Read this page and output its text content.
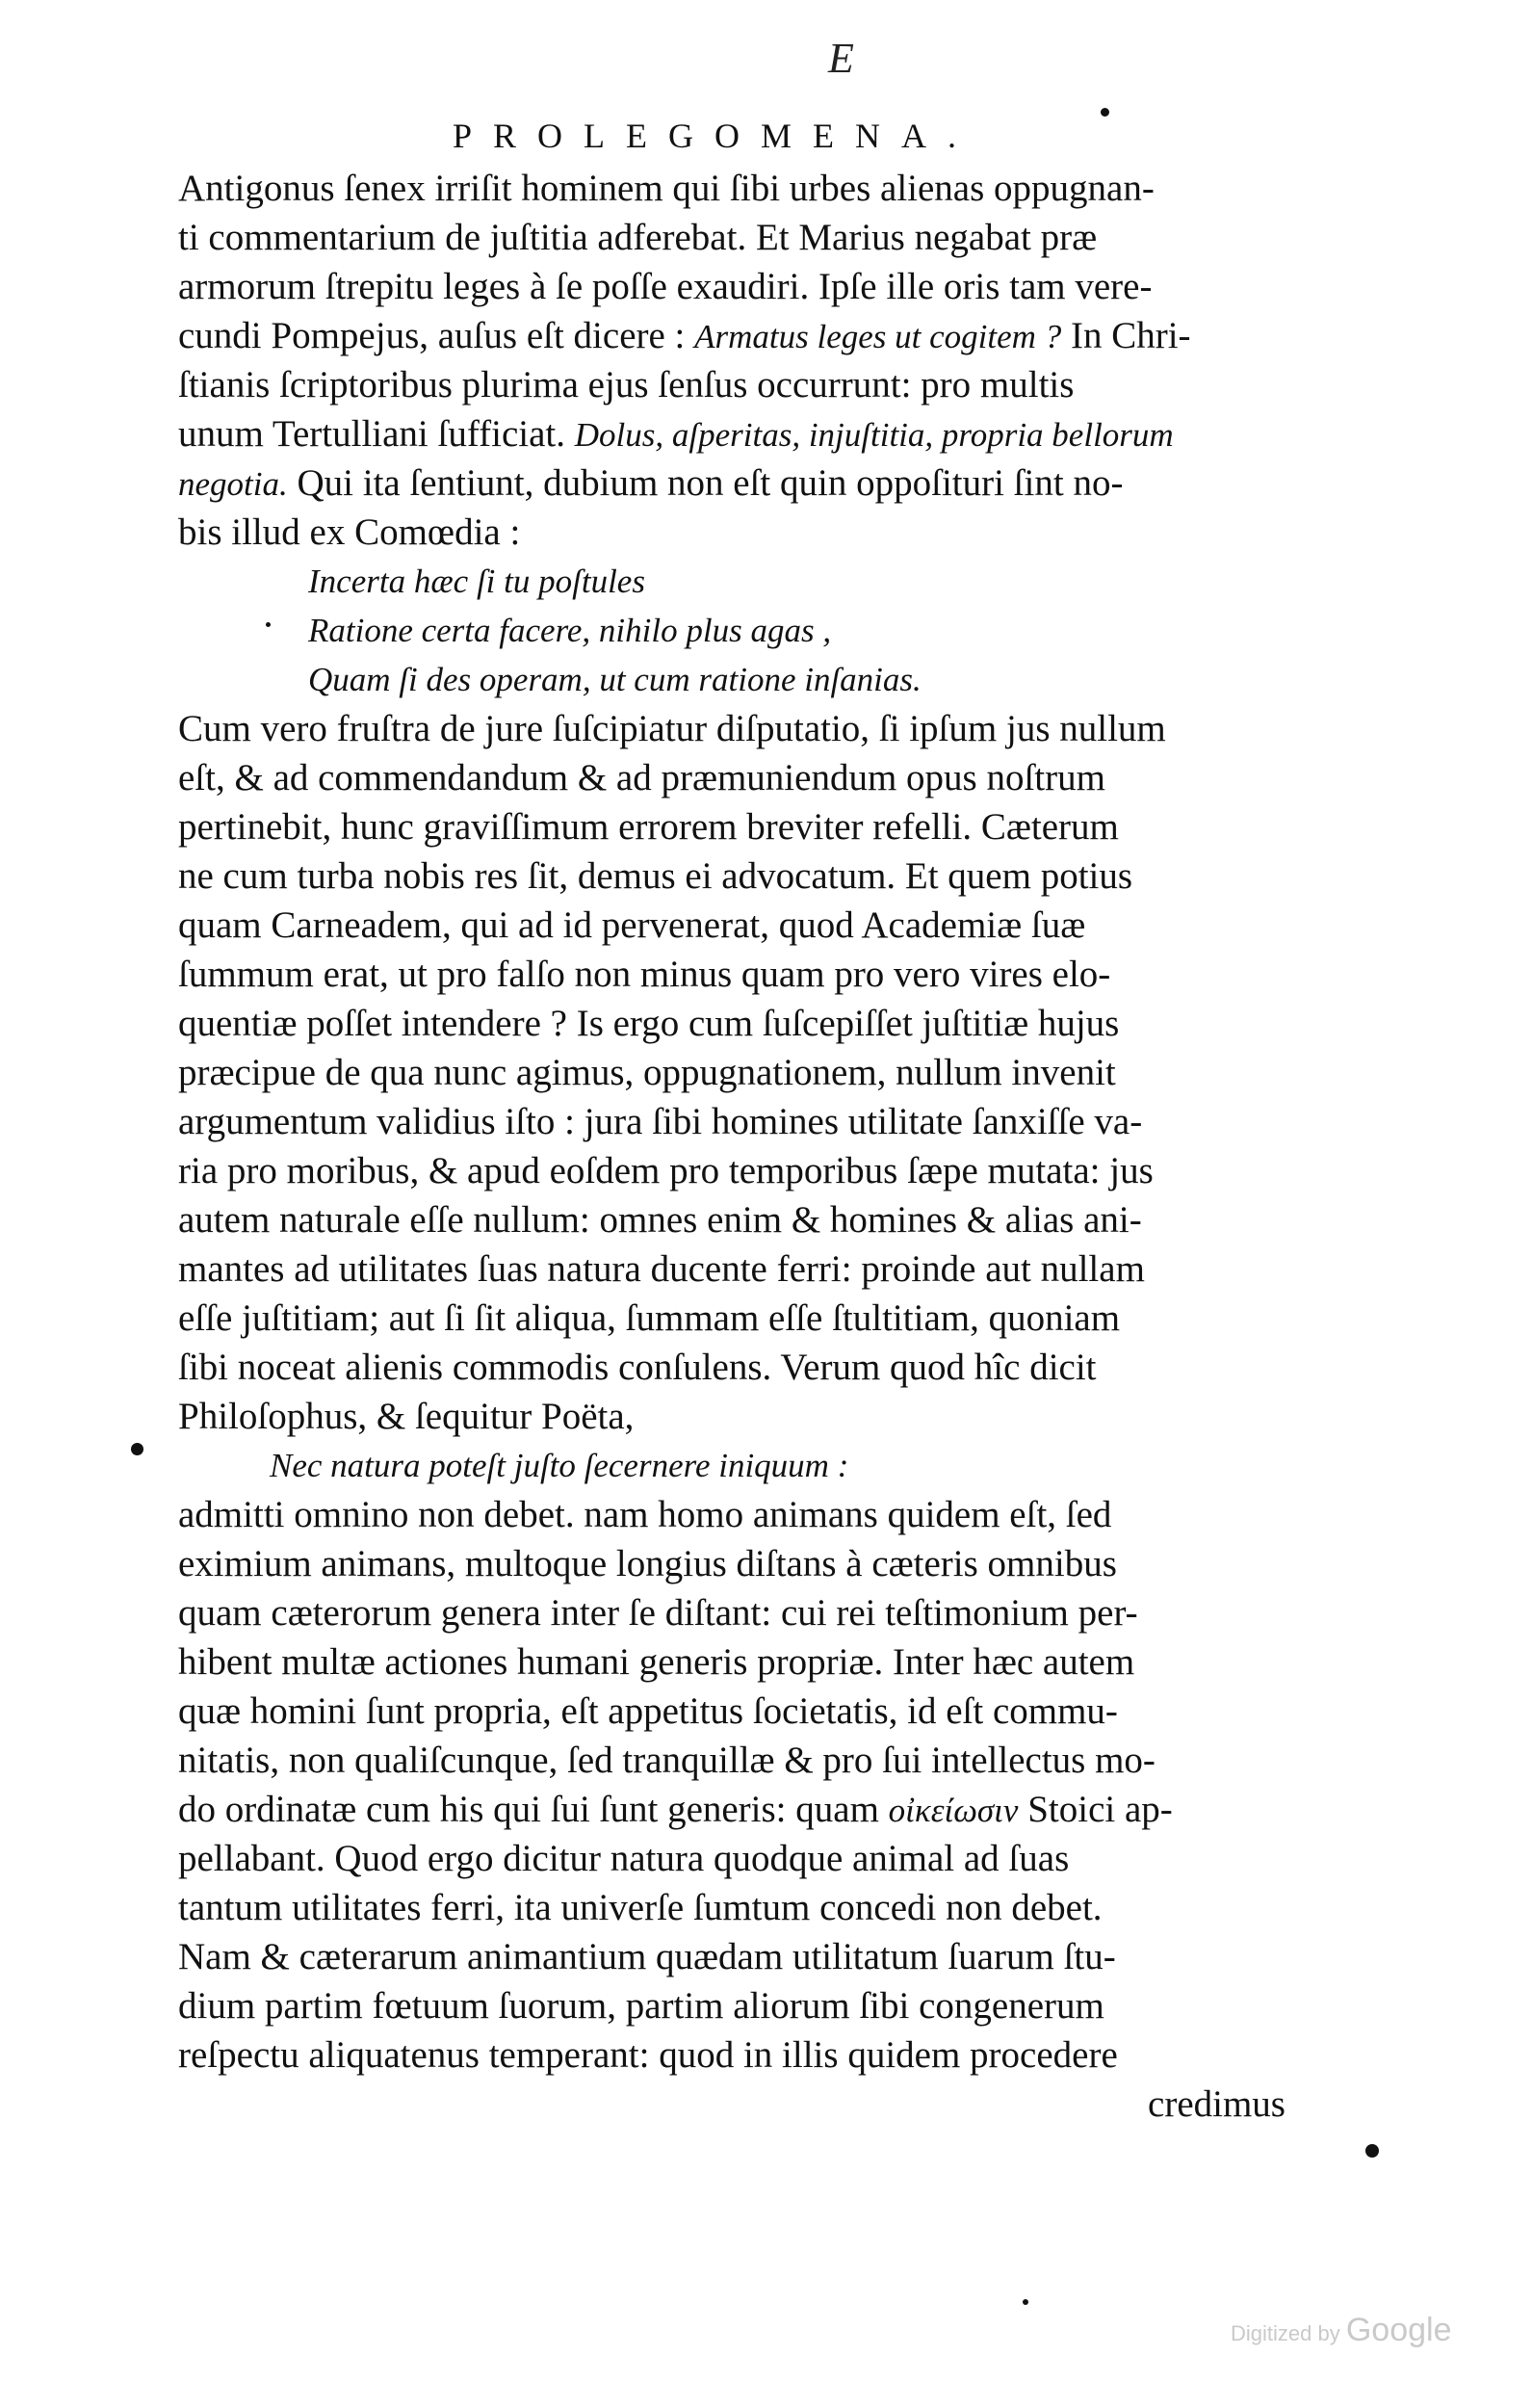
E
PROLEGOMENA.
Antigonus ſenex irriſit hominem qui ſibi urbes alienas oppugnan-
ti commentarium de juſtitia adferebat. Et Marius negabat præ
armorum ſtrepitu leges à ſe poſſe exaudiri. Ipſe ille oris tam vere-
cundi Pompejus, auſus eſt dicere : Armatus leges ut cogitem ? In Chri-
ſtianis ſcriptoribus plurima ejus ſenſus occurrunt: pro multis
unum Tertulliani ſufficiat. Dolus, aſperitas, injuſtitia, propria bellorum
negotia. Qui ita ſentiunt, dubium non eſt quin oppoſituri ſint no-
bis illud ex Comœdia :
Incerta hæc ſi tu poſtules
Ratione certa facere, nihilo plus agas ,
Quam ſi des operam, ut cum ratione inſanias.
Cum vero fruſtra de jure ſuſcipiatur diſputatio, ſi ipſum jus nullum
eſt, & ad commendandum & ad præmuniendum opus noſtrum
pertinebit, hunc graviſſimum errorem breviter refelli. Cæterum
ne cum turba nobis res ſit, demus ei advocatum. Et quem potius
quam Carneadem, qui ad id pervenerat, quod Academiæ ſuæ
ſummum erat, ut pro falſo non minus quam pro vero vires elo-
quentiæ poſſet intendere ? Is ergo cum ſuſcepiſſet juſtitiæ hujus
præcipue de qua nunc agimus, oppugnationem, nullum invenit
argumentum validius iſto : jura ſibi homines utilitate ſanxiſſe va-
ria pro moribus, & apud eoſdem pro temporibus ſæpe mutata: jus
autem naturale eſſe nullum: omnes enim & homines & alias ani-
mantes ad utilitates ſuas natura ducente ferri: proinde aut nullam
eſſe juſtitiam; aut ſi ſit aliqua, ſummam eſſe ſtultitiam, quoniam
ſibi noceat alienis commodis conſulens. Verum quod hîc dicit
Philoſophus, & ſequitur Poëta,
Nec natura poteſt juſto ſecernere iniquum :
admitti omnino non debet. nam homo animans quidem eſt, ſed
eximium animans, multoque longius diſtans à cæteris omnibus
quam cæterorum genera inter ſe diſtant: cui rei teſtimonium per-
hibent multæ actiones humani generis propriæ. Inter hæc autem
quæ homini ſunt propria, eſt appetitus ſocietatis, id eſt commu-
nitatis, non qualiſcunque, ſed tranquillæ & pro ſui intellectus mo-
do ordinatæ cum his qui ſui ſunt generis: quam οἰκείωσιν Stoici ap-
pellabant. Quod ergo dicitur natura quodque animal ad ſuas
tantum utilitates ferri, ita univerſe ſumtum concedi non debet.
Nam & cæterarum animantium quædam utilitatum ſuarum ſtu-
dium partim fœtuum ſuorum, partim aliorum ſibi congenerum
reſpectu aliquatenus temperant: quod in illis quidem procedere
credimus
Digitized by Google
